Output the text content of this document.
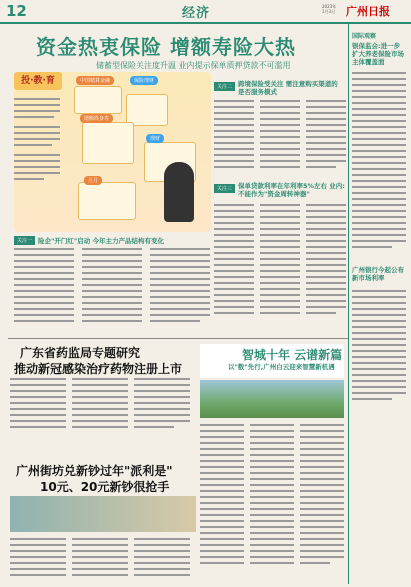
12	经济	广州日报
2023年
1月3日
资金热衷保险 增额寿险大热
储蓄型保险关注度升温 业内提示保单质押贷款不可滥用
中国精算金融	保险理财
增额终身寿
理财
月月
投·教·育
关注一 险企"开门红"启动 今年主力产品结构有变化
关注二 跨境保险受关注 需注意购买渠道的是否服务模式
关注三 保单贷款利率在年利率5%左右 业内:不能作为"资金周转神器"
国际观察
银保监会:进一步扩大养老保险市场主体覆盖面
广州银行今起公布新市场利率
广东省药监局专题研究
推动新冠感染治疗药物注册上市
广州街坊兑新钞过年"派利是"
10元、20元新钞很抢手
智城十年 云谱新篇
以"数"先行,广州白云迎来智慧新机遇
